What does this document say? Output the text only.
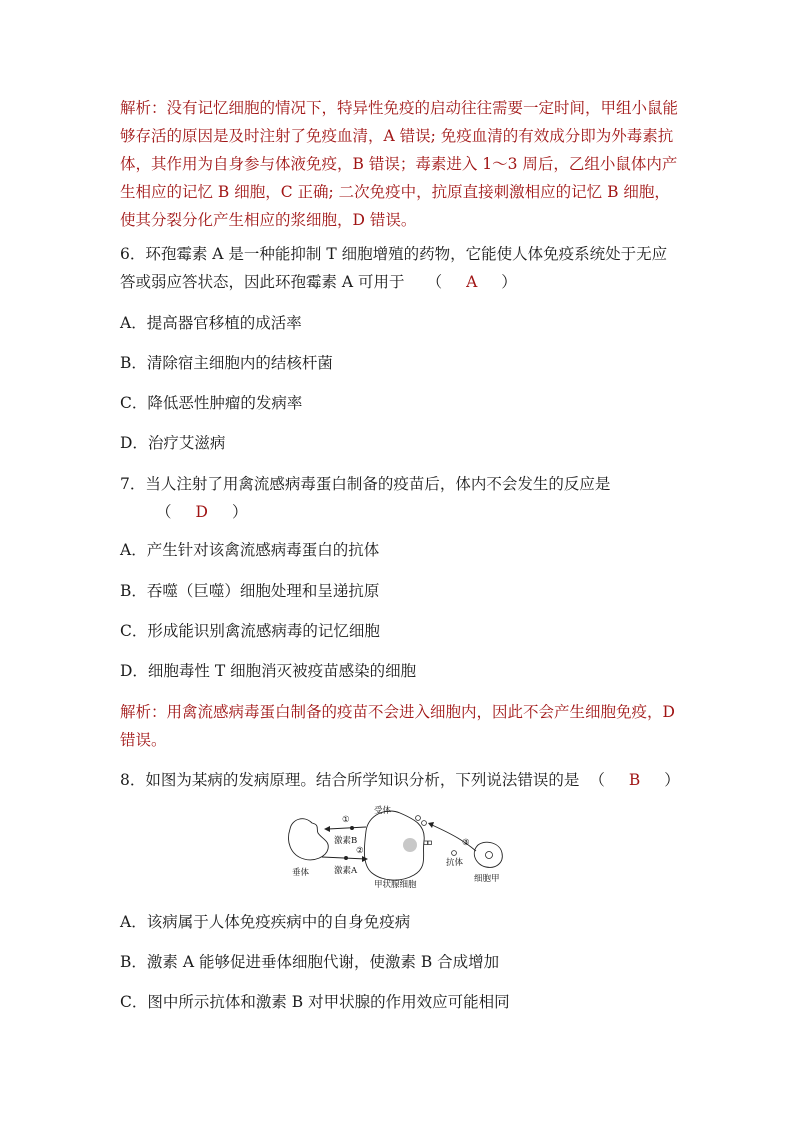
解析：没有记忆细胞的情况下，特异性免疫的启动往往需要一定时间，甲组小鼠能够存活的原因是及时注射了免疫血清，A 错误; 免疫血清的有效成分即为外毒素抗体，其作用为自身参与体液免疫，B 错误；毒素进入 1～3 周后，乙组小鼠体内产生相应的记忆 B 细胞，C 正确; 二次免疫中，抗原直接刺激相应的记忆 B 细胞，使其分裂分化产生相应的浆细胞，D 错误。
6．环孢霉素 A 是一种能抑制 T 细胞增殖的药物，它能使人体免疫系统处于无应答或弱应答状态，因此环孢霉素 A 可用于 （ A ）
A．提高器官移植的成活率
B．清除宿主细胞内的结核杆菌
C．降低恶性肿瘤的发病率
D．治疗艾滋病
7．当人注射了用禽流感病毒蛋白制备的疫苗后，体内不会发生的反应是
（ D ）
A．产生针对该禽流感病毒蛋白的抗体
B．吞噬（巨噬）细胞处理和呈递抗原
C．形成能识别禽流感病毒的记忆细胞
D．细胞毒性 T 细胞消灭被疫苗感染的细胞
解析：用禽流感病毒蛋白制备的疫苗不会进入细胞内，因此不会产生细胞免疫，D 错误。
8．如图为某病的发病原理。结合所学知识分析，下列说法错误的是 （ B ）
受体
①
激素B
②
激素A
垂体
甲状腺细胞
③
抗体
细胞甲
A．该病属于人体免疫疾病中的自身免疫病
B．激素 A 能够促进垂体细胞代谢，使激素 B 合成增加
C．图中所示抗体和激素 B 对甲状腺的作用效应可能相同
